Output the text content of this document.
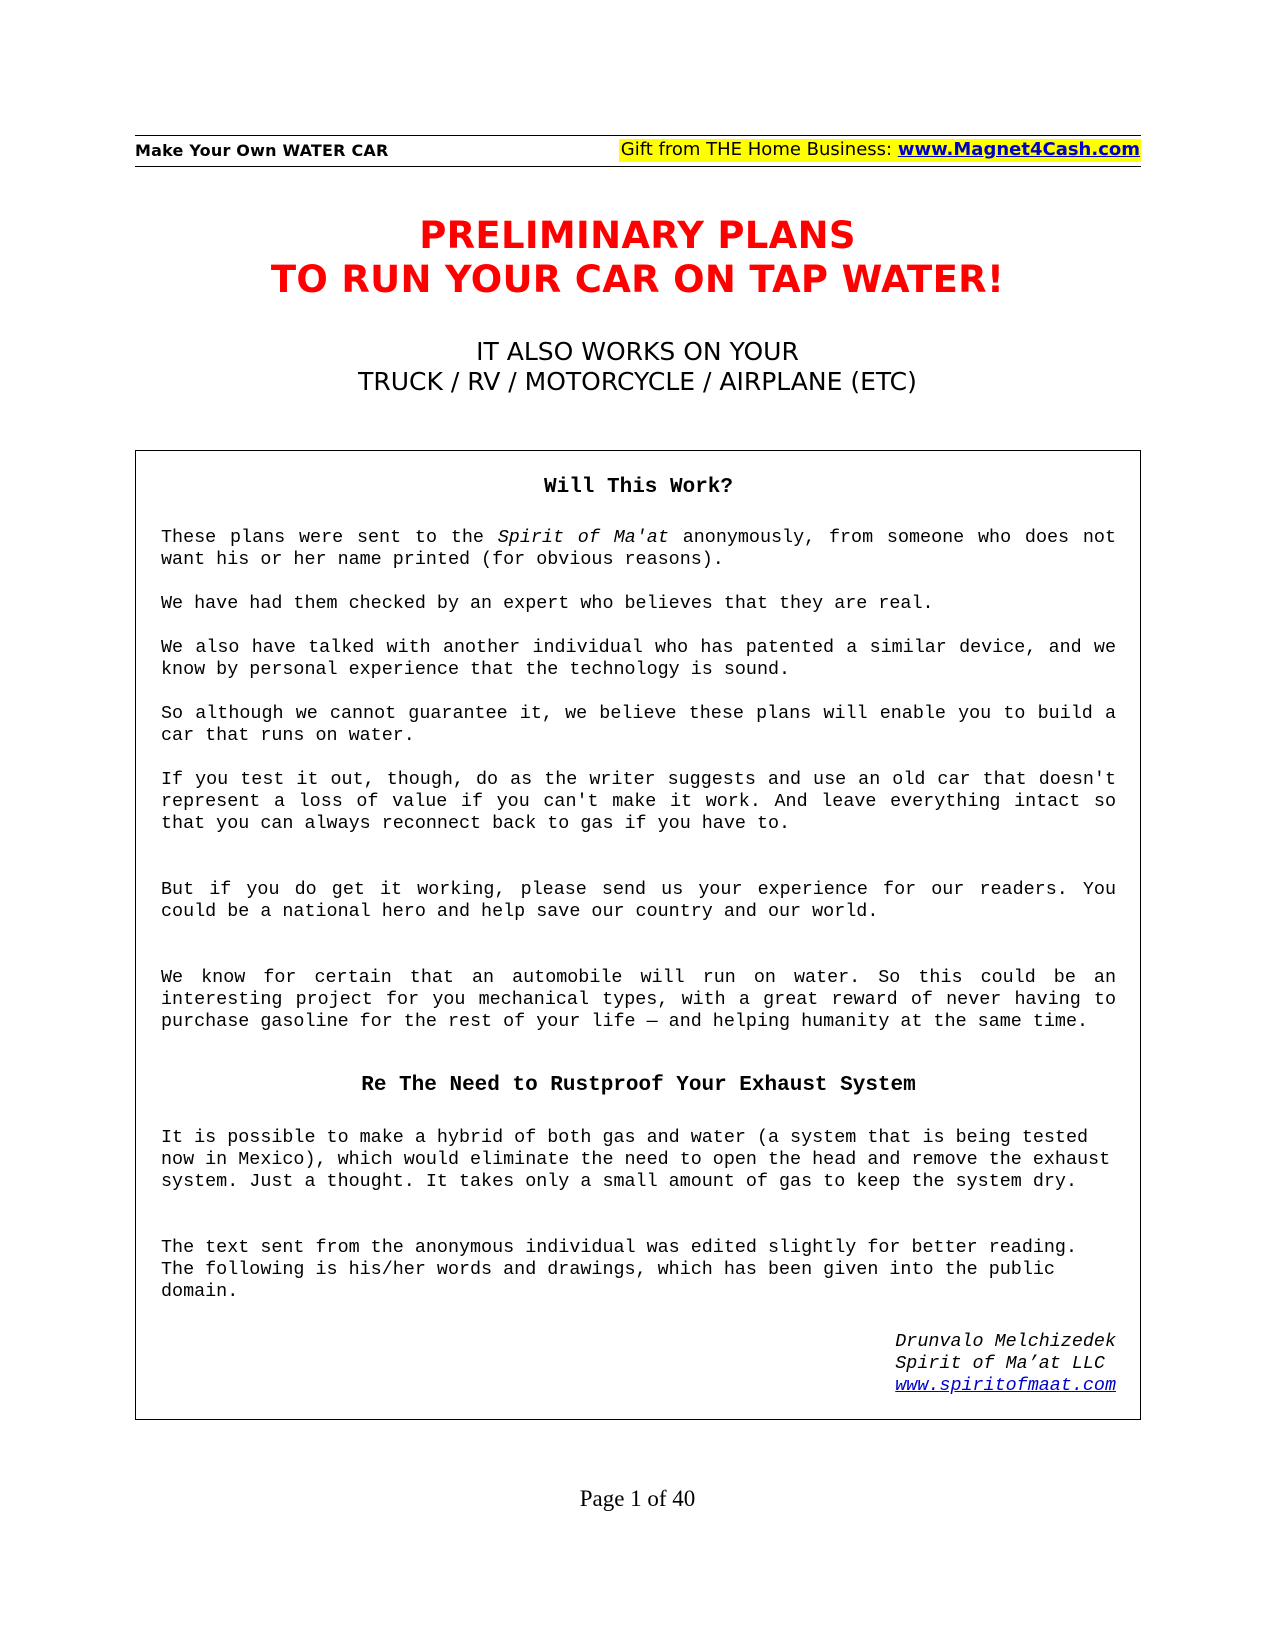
Make Your Own WATER CAR	Gift from THE Home Business: www.Magnet4Cash.com
PRELIMINARY PLANS
TO RUN YOUR CAR ON TAP WATER!
IT ALSO WORKS ON YOUR
TRUCK / RV / MOTORCYCLE / AIRPLANE (ETC)
Will This Work?

These plans were sent to the Spirit of Ma'at anonymously, from someone who does not want his or her name printed (for obvious reasons).

We have had them checked by an expert who believes that they are real.

We also have talked with another individual who has patented a similar device, and we know by personal experience that the technology is sound.

So although we cannot guarantee it, we believe these plans will enable you to build a car that runs on water.

If you test it out, though, do as the writer suggests and use an old car that doesn't represent a loss of value if you can't make it work. And leave everything intact so that you can always reconnect back to gas if you have to.

But if you do get it working, please send us your experience for our readers. You could be a national hero and help save our country and our world.

We know for certain that an automobile will run on water. So this could be an interesting project for you mechanical types, with a great reward of never having to purchase gasoline for the rest of your life — and helping humanity at the same time.

Re The Need to Rustproof Your Exhaust System

It is possible to make a hybrid of both gas and water (a system that is being tested now in Mexico), which would eliminate the need to open the head and remove the exhaust system. Just a thought. It takes only a small amount of gas to keep the system dry.

The text sent from the anonymous individual was edited slightly for better reading. The following is his/her words and drawings, which has been given into the public domain.

Drunvalo Melchizedek
Spirit of Ma’at LLC
www.spiritofmaat.com
Page 1 of 40
